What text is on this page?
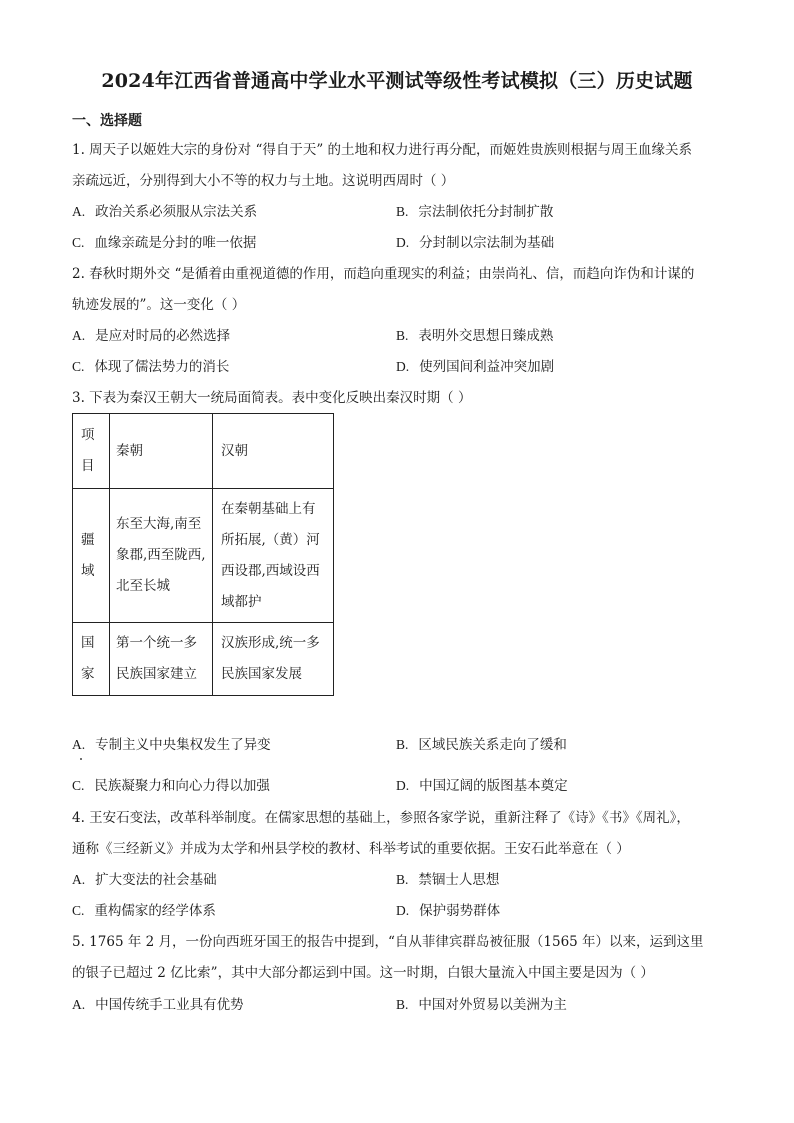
2024年江西省普通高中学业水平测试等级性考试模拟（三）历史试题
一、选择题
1. 周天子以姬姓大宗的身份对 “得自于天” 的土地和权力进行再分配，而姬姓贵族则根据与周王血缘关系
亲疏远近，分别得到大小不等的权力与土地。这说明西周时（ ）
A. 政治关系必须服从宗法关系	B. 宗法制依托分封制扩散
C. 血缘亲疏是分封的唯一依据	D. 分封制以宗法制为基础
2. 春秋时期外交 “是循着由重视道德的作用，而趋向重现实的利益；由崇尚礼、信，而趋向诈伪和计谋的
轨迹发展的”。这一变化（ ）
A. 是应对时局的必然选择	B. 表明外交思想日臻成熟
C. 体现了儒法势力的消长	D. 使列国间利益冲突加剧
3. 下表为秦汉王朝大一统局面简表。表中变化反映出秦汉时期（ ）
项目	秦朝	汉朝
疆域	东至大海,南至象郡,西至陇西,北至长城	在秦朝基础上有所拓展,（黄）河西设郡,西域设西域都护
国家	第一个统一多民族国家建立	汉族形成,统一多民族国家发展
A. 专制主义中央集权发生了异变	B. 区域民族关系走向了缓和
C. 民族凝聚力和向心力得以加强	D. 中国辽阔的版图基本奠定
4. 王安石变法，改革科举制度。在儒家思想的基础上，参照各家学说，重新注释了《诗》《书》《周礼》，
通称《三经新义》并成为太学和州县学校的教材、科举考试的重要依据。王安石此举意在（ ）
A. 扩大变法的社会基础	B. 禁锢士人思想
C. 重构儒家的经学体系	D. 保护弱势群体
5. 1765 年 2 月，一份向西班牙国王的报告中提到，“自从菲律宾群岛被征服（1565 年）以来，运到这里
的银子已超过 2 亿比索”，其中大部分都运到中国。这一时期，白银大量流入中国主要是因为（ ）
A. 中国传统手工业具有优势	B. 中国对外贸易以美洲为主
